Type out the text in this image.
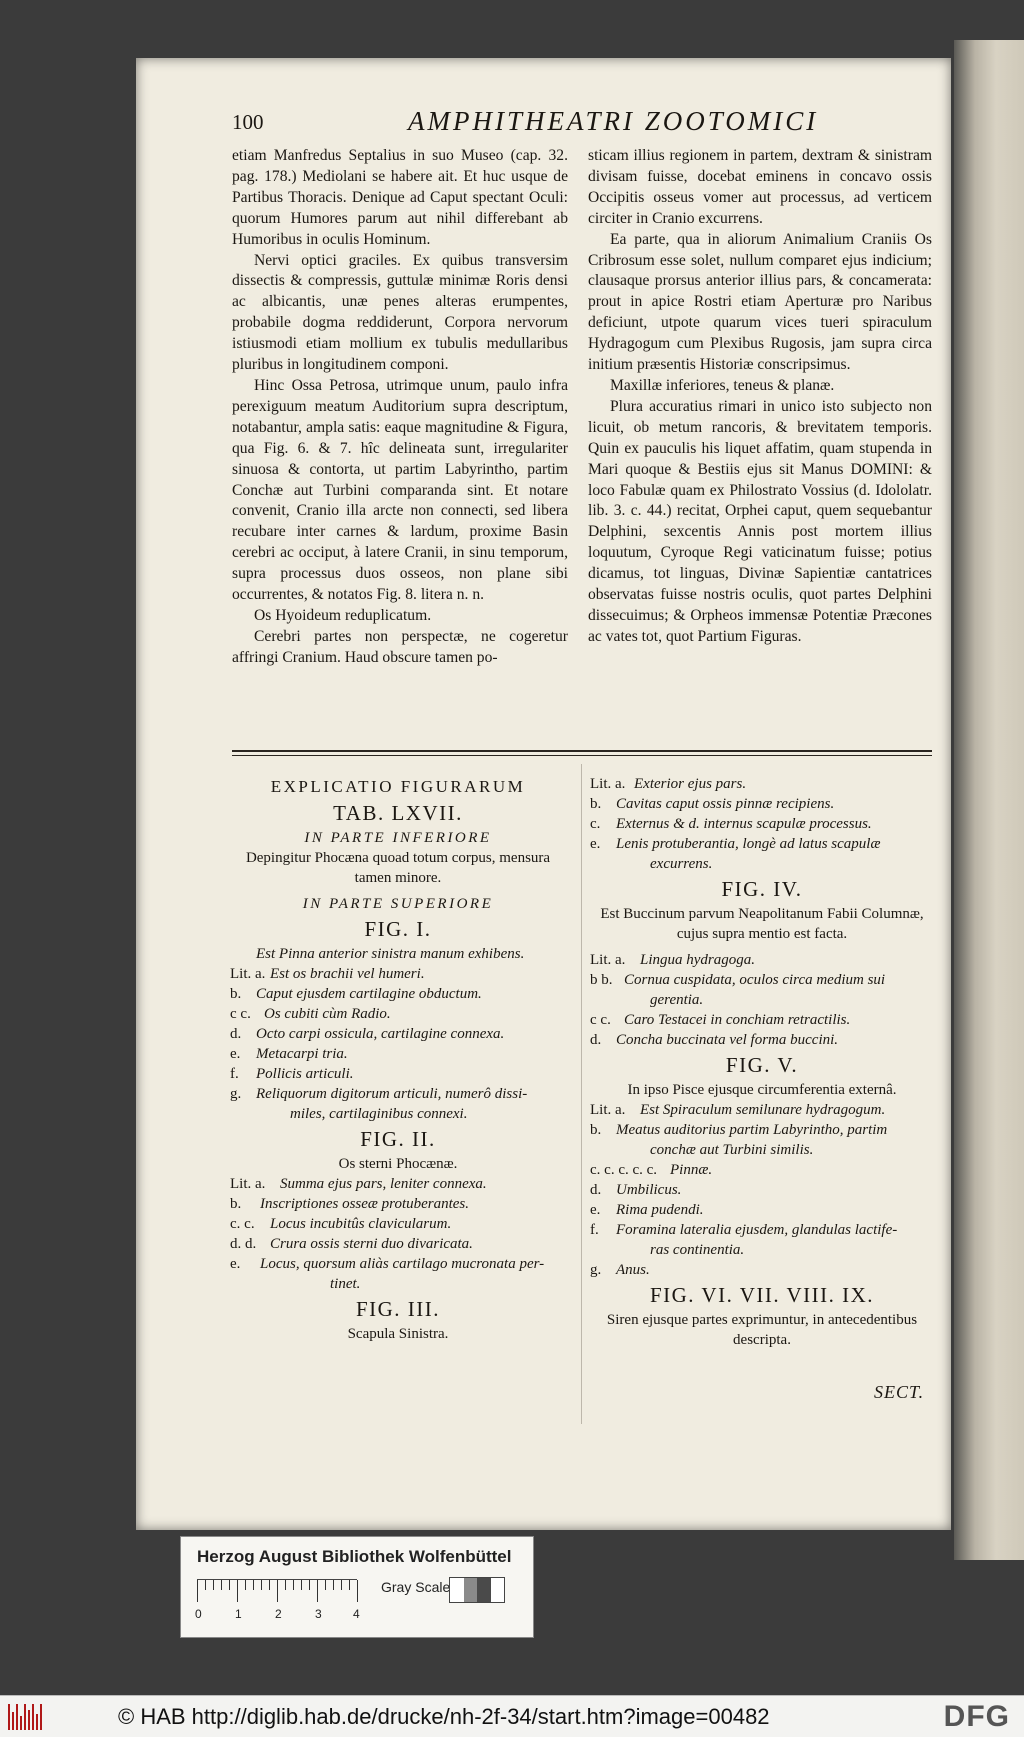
100	AMPHITHEATRI ZOOTOMICI

etiam Manfredus Septalius in suo Museo (cap. 32. pag. 178.) Mediolani se habere ait. Et huc usque de Partibus Thoracis. Denique ad Caput spectant Oculi: quorum Humores parum aut nihil differebant ab Humoribus in oculis Hominum.

Nervi optici graciles. Ex quibus transversim dissectis & compressis, guttulæ minimæ Roris densi ac albicantis, unæ penes alteras erumpentes, probabile dogma reddiderunt, Corpora nervorum istiusmodi etiam mollium ex tubulis medullaribus pluribus in longitudinem componi.

Hinc Ossa Petrosa, utrimque unum, paulo infra perexiguum meatum Auditorium supra descriptum, notabantur, ampla satis: eaque magnitudine & Figura, qua Fig. 6. & 7. hîc delineata sunt, irregulariter sinuosa & contorta, ut partim Labyrintho, partim Conchæ aut Turbini comparanda sint. Et notare convenit, Cranio illa arcte non connecti, sed libera recubare inter carnes & lardum, proxime Basin cerebri ac occiput, à latere Cranii, in sinu temporum, supra processus duos osseos, non plane sibi occurrentes, & notatos Fig. 8. litera n. n.

Os Hyoideum reduplicatum.

Cerebri partes non perspectæ, ne cogeretur affringi Cranium. Haud obscure tamen po-

sticam illius regionem in partem, dextram & sinistram divisam fuisse, docebat eminens in concavo ossis Occipitis osseus vomer aut processus, ad verticem circiter in Cranio excurrens.

Ea parte, qua in aliorum Animalium Craniis Os Cribrosum esse solet, nullum comparet ejus indicium; clausaque prorsus anterior illius pars, & concamerata: prout in apice Rostri etiam Aperturæ pro Naribus deficiunt, utpote quarum vices tueri spiraculum Hydragogum cum Plexibus Rugosis, jam supra circa initium præsentis Historiæ conscripsimus.

Maxillæ inferiores, teneus & planæ.

Plura accuratius rimari in unico isto subjecto non licuit, ob metum rancoris, & brevitatem temporis. Quin ex pauculis his liquet affatim, quam stupenda in Mari quoque & Bestiis ejus sit Manus DOMINI: & loco Fabulæ quam ex Philostrato Vossius (d. Idololatr. lib. 3. c. 44.) recitat, Orphei caput, quem sequebantur Delphini, sexcentis Annis post mortem illius loquutum, Cyroque Regi vaticinatum fuisse; potius dicamus, tot linguas, Divinæ Sapientiæ cantatrices observatas fuisse nostris oculis, quot partes Delphini dissecuimus; & Orpheos immensæ Potentiæ Præcones ac vates tot, quot Partium Figuras.

EXPLICATIO FIGURARUM
TAB. LXVII.
IN PARTE INFERIORE
Depingitur Phocæna quoad totum corpus, mensura tamen minore.
IN PARTE SUPERIORE
FIG. I.
Est Pinna anterior sinistra manum exhibens.
Lit. a. Est os brachii vel humeri.
b. Caput ejusdem cartilagine obductum.
c c. Os cubiti cùm Radio.
d. Octo carpi ossicula, cartilagine connexa.
e.	Metacarpi tria.
f.	Pollicis articuli.
g. Reliquorum digitorum articuli, numerô dissi-
miles, cartilaginibus connexi.
FIG. II.
Os sterni Phocænæ.
Lit. a. Summa ejus pars, leniter connexa.
b.	Inscriptiones osseæ protuberantes.
c. c.	Locus incubitûs clavicularum.
d. d. Crura ossis sterni duo divaricata.
e.	Locus, quorsum aliàs cartilago mucronata per-
tinet.
FIG. III.
Scapula Sinistra.
Lit. a. Exterior ejus pars.
b. Cavitas caput ossis pinnæ recipiens.
c.	Externus & d. internus scapulæ processus.
e.	Lenis protuberantia, longè ad latus scapulæ
excurrens.
FIG. IV.
Est Buccinum parvum Neapolitanum Fabii Columnæ, cujus supra mentio est facta.
Lit. a. Lingua hydragoga.
b b. Cornua cuspidata, oculos circa medium sui
gerentia.
c c. Caro Testacei in conchiam retractilis.
d. Concha buccinata vel forma buccini.
FIG. V.
In ipso Pisce ejusque circumferentia externâ.
Lit. a. Est Spiraculum semilunare hydragogum.
b. Meatus auditorius partim Labyrintho, partim
conchæ aut Turbini similis.
c. c. c. c. c. Pinnæ.
d. Umbilicus.
e.	Rima pudendi.
f.	Foramina lateralia ejusdem, glandulas lactife-
ras continentia.
g. Anus.
FIG. VI. VII. VIII. IX.
Siren ejusque partes exprimuntur, in antecedentibus descripta.
SECT.
Herzog August Bibliothek Wolfenbüttel
0	1	2	3	4
Gray Scale
© HAB http://diglib.hab.de/drucke/nh-2f-34/start.htm?image=00482	DFG
